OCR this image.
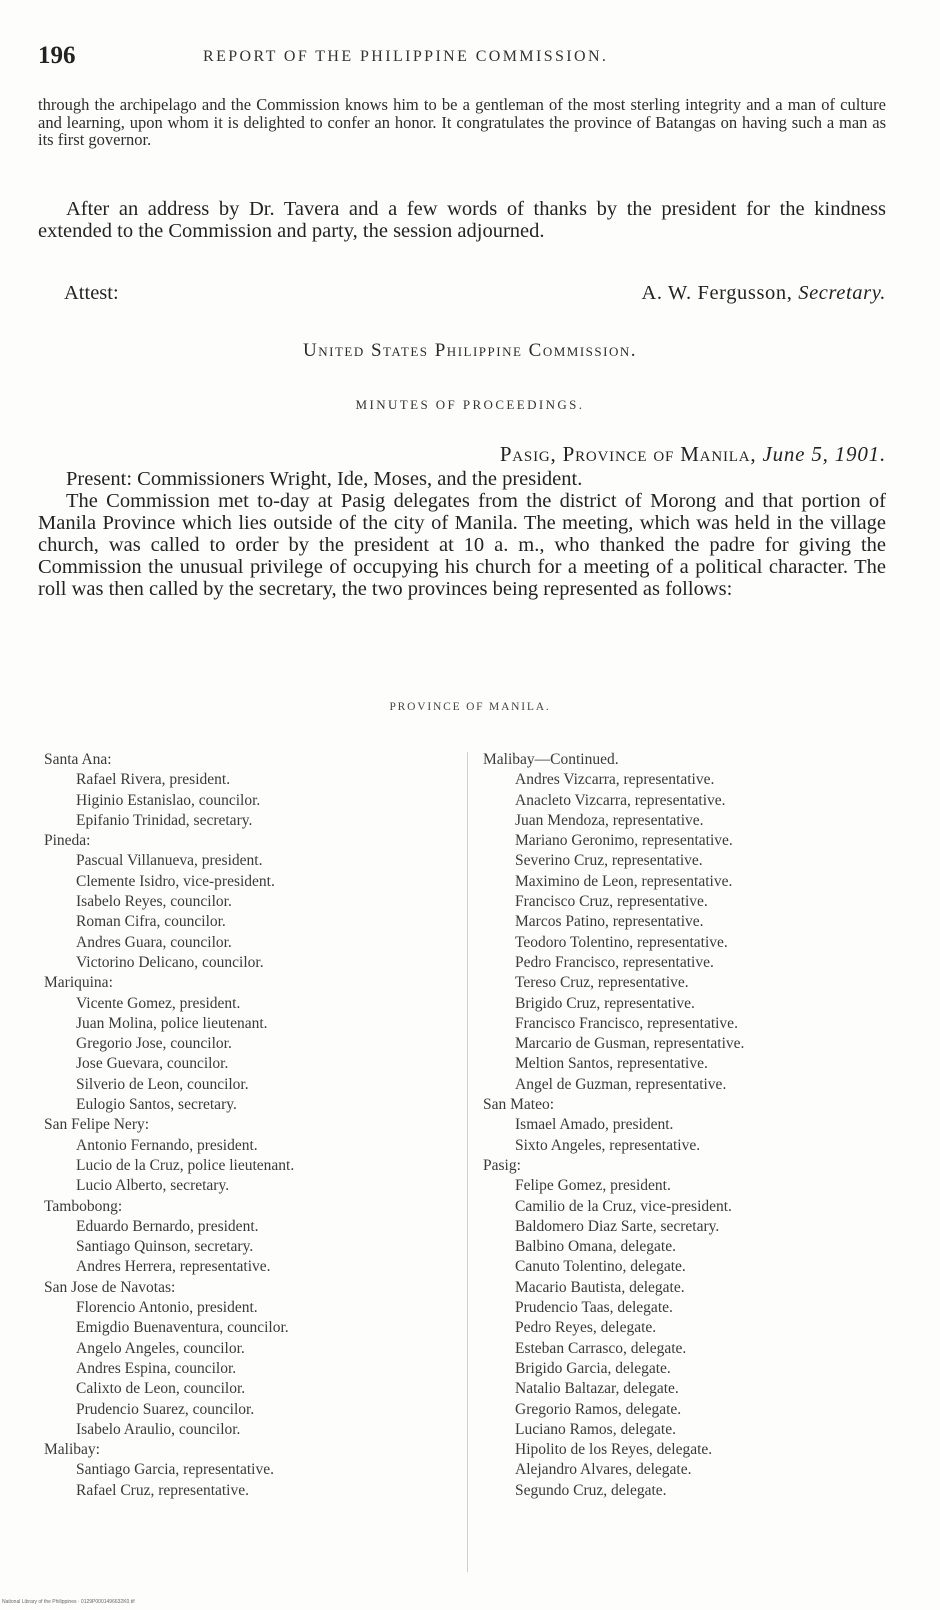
196	REPORT OF THE PHILIPPINE COMMISSION.
through the archipelago and the Commission knows him to be a gentleman of the most sterling integrity and a man of culture and learning, upon whom it is delighted to confer an honor. It congratulates the province of Batangas on having such a man as its first governor.

After an address by Dr. Tavera and a few words of thanks by the president for the kindness extended to the Commission and party, the session adjourned.

Attest:	A. W. Fergusson, Secretary.
United States Philippine Commission.
MINUTES OF PROCEEDINGS.
Pasig, Province of Manila, June 5, 1901.

Present: Commissioners Wright, Ide, Moses, and the president.

The Commission met to-day at Pasig delegates from the district of Morong and that portion of Manila Province which lies outside of the city of Manila. The meeting, which was held in the village church, was called to order by the president at 10 a. m., who thanked the padre for giving the Commission the unusual privilege of occupying his church for a meeting of a political character. The roll was then called by the secretary, the two provinces being represented as follows:

PROVINCE OF MANILA.
Santa Ana:
Rafael Rivera, president.
Higinio Estanislao, councilor.
Epifanio Trinidad, secretary.
Pineda:
Pascual Villanueva, president.
Clemente Isidro, vice-president.
Isabelo Reyes, councilor.
Roman Cifra, councilor.
Andres Guara, councilor.
Victorino Delicano, councilor.
Mariquina:
Vicente Gomez, president.
Juan Molina, police lieutenant.
Gregorio Jose, councilor.
Jose Guevara, councilor.
Silverio de Leon, councilor.
Eulogio Santos, secretary.
San Felipe Nery:
Antonio Fernando, president.
Lucio de la Cruz, police lieutenant.
Lucio Alberto, secretary.
Tambobong:
Eduardo Bernardo, president.
Santiago Quinson, secretary.
Andres Herrera, representative.
San Jose de Navotas:
Florencio Antonio, president.
Emigdio Buenaventura, councilor.
Angelo Angeles, councilor.
Andres Espina, councilor.
Calixto de Leon, councilor.
Prudencio Suarez, councilor.
Isabelo Araulio, councilor.
Malibay:
Santiago Garcia, representative.
Rafael Cruz, representative.
Malibay—Continued.
Andres Vizcarra, representative.
Anacleto Vizcarra, representative.
Juan Mendoza, representative.
Mariano Geronimo, representative.
Severino Cruz, representative.
Maximino de Leon, representative.
Francisco Cruz, representative.
Marcos Patino, representative.
Teodoro Tolentino, representative.
Pedro Francisco, representative.
Tereso Cruz, representative.
Brigido Cruz, representative.
Francisco Francisco, representative.
Marcario de Gusman, representative.
Meltion Santos, representative.
Angel de Guzman, representative.
San Mateo:
Ismael Amado, president.
Sixto Angeles, representative.
Pasig:
Felipe Gomez, president.
Camilio de la Cruz, vice-president.
Baldomero Diaz Sarte, secretary.
Balbino Omana, delegate.
Canuto Tolentino, delegate.
Macario Bautista, delegate.
Prudencio Taas, delegate.
Pedro Reyes, delegate.
Esteban Carrasco, delegate.
Brigido Garcia, delegate.
Natalio Baltazar, delegate.
Gregorio Ramos, delegate.
Luciano Ramos, delegate.
Hipolito de los Reyes, delegate.
Alejandro Alvares, delegate.
Segundo Cruz, delegate.
National Library of the Philippines · 0129P0001496632K0.tif
